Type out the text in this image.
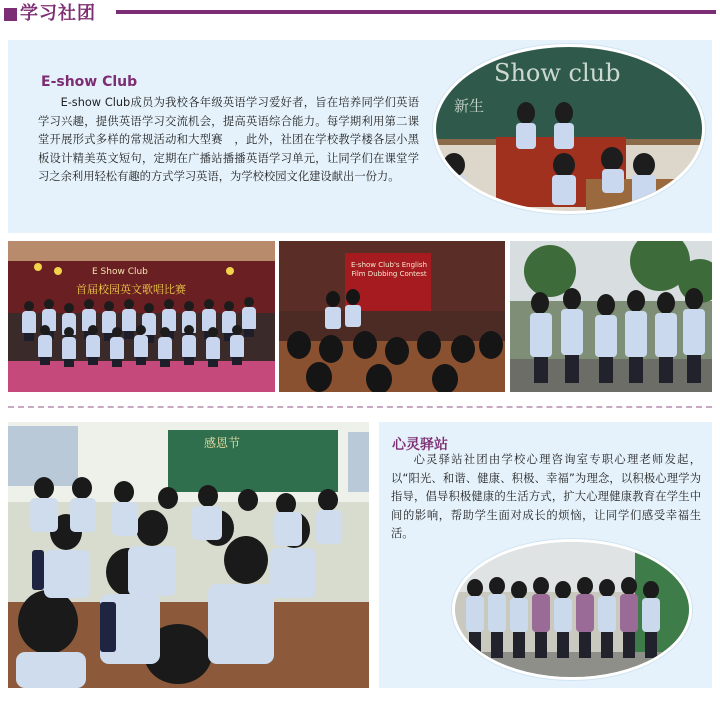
学习社团
E-show Club
E-show Club成员为我校各年级英语学习爱好者，旨在培养同学们英语学习兴趣，提供英语学习交流机会，提高英语综合能力。每学期利用第二课堂开展形式多样的常规活动和大型赛　，此外，社团在学校教学楼各层小黑板设计精美英文短句，定期在广播站播播英语学习单元，让同学们在课堂学习之余利用轻松有趣的方式学习英语，为学校校园文化建设献出一份力。
Show club
新生
E Show Club
首届校园英文歌唱比赛
E-show Club's English Film Dubbing Contest
感恩节	心灵驿站
心灵驿站社团由学校心理咨询室专职心理老师发起，以“阳光、和谐、健康、积极、幸福”为理念，以积极心理学为指导，倡导积极健康的生活方式，扩大心理健康教育在学生中间的影响，帮助学生面对成长的烦恼，让同学们感受幸福生活。
